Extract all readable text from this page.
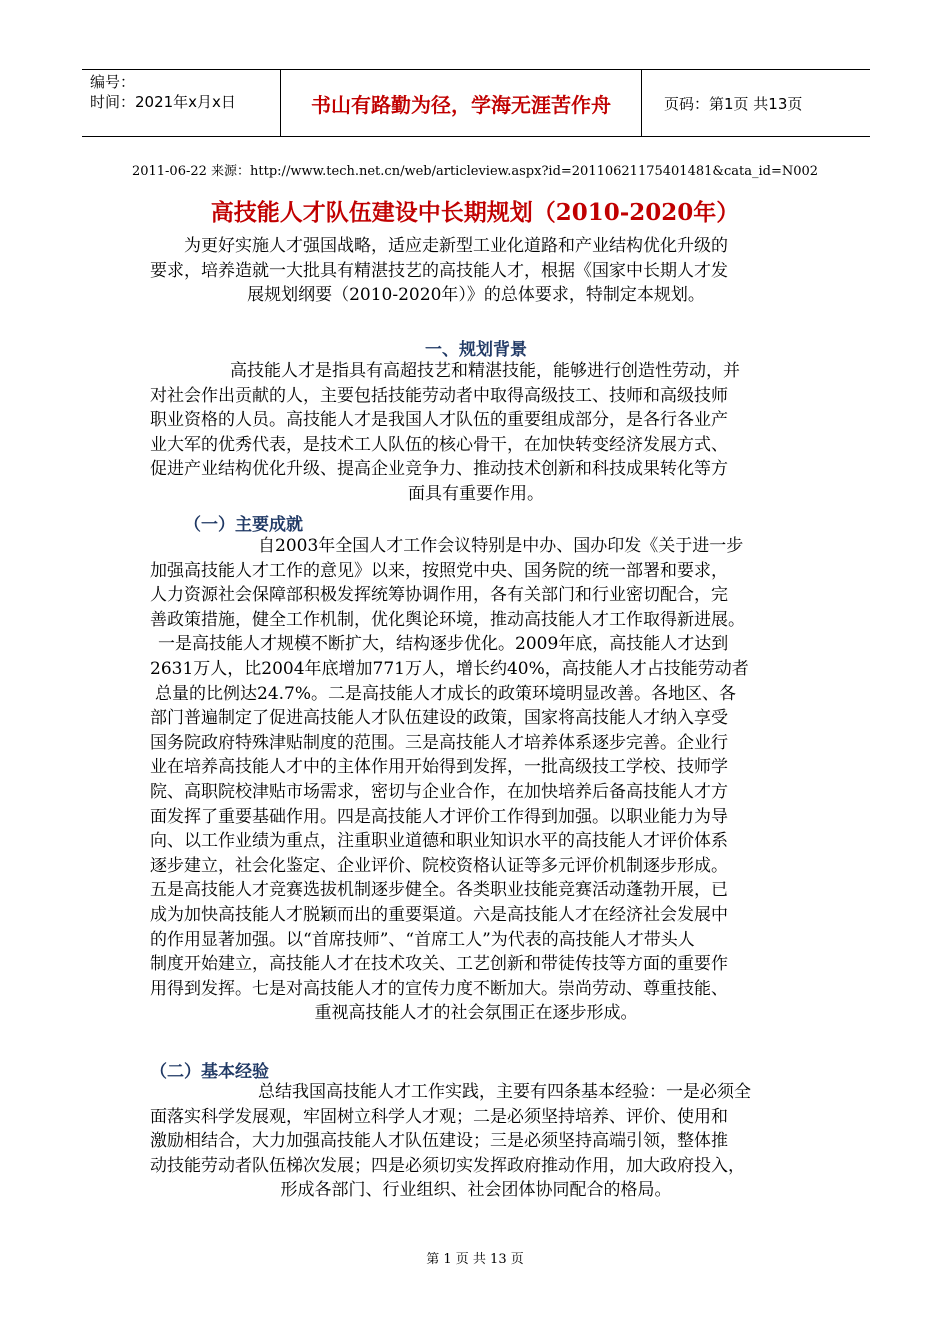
编号：
时间：2021年x月x日	书山有路勤为径，学海无涯苦作舟	页码：第1页 共13页
2011-06-22 来源：http://www.tech.net.cn/web/articleview.aspx?id=20110621175401481&cata_id=N002
高技能人才队伍建设中长期规划（2010-2020年）
为更好实施人才强国战略，适应走新型工业化道路和产业结构优化升级的
要求，培养造就一大批具有精湛技艺的高技能人才，根据《国家中长期人才发
展规划纲要（2010-2020年）》的总体要求，特制定本规划。
一、规划背景
高技能人才是指具有高超技艺和精湛技能，能够进行创造性劳动，并
对社会作出贡献的人，主要包括技能劳动者中取得高级技工、技师和高级技师
职业资格的人员。高技能人才是我国人才队伍的重要组成部分，是各行各业产
业大军的优秀代表，是技术工人队伍的核心骨干，在加快转变经济发展方式、
促进产业结构优化升级、提高企业竞争力、推动技术创新和科技成果转化等方
面具有重要作用。
（一）主要成就
自2003年全国人才工作会议特别是中办、国办印发《关于进一步
加强高技能人才工作的意见》以来，按照党中央、国务院的统一部署和要求，
人力资源社会保障部积极发挥统筹协调作用，各有关部门和行业密切配合，完
善政策措施，健全工作机制，优化舆论环境，推动高技能人才工作取得新进展。
一是高技能人才规模不断扩大，结构逐步优化。2009年底，高技能人才达到
2631万人，比2004年底增加771万人，增长约40%，高技能人才占技能劳动者
总量的比例达24.7%。二是高技能人才成长的政策环境明显改善。各地区、各
部门普遍制定了促进高技能人才队伍建设的政策，国家将高技能人才纳入享受
国务院政府特殊津贴制度的范围。三是高技能人才培养体系逐步完善。企业行
业在培养高技能人才中的主体作用开始得到发挥，一批高级技工学校、技师学
院、高职院校津贴市场需求，密切与企业合作，在加快培养后备高技能人才方
面发挥了重要基础作用。四是高技能人才评价工作得到加强。以职业能力为导
向、以工作业绩为重点，注重职业道德和职业知识水平的高技能人才评价体系
逐步建立，社会化鉴定、企业评价、院校资格认证等多元评价机制逐步形成。
五是高技能人才竞赛选拔机制逐步健全。各类职业技能竞赛活动蓬勃开展，已
成为加快高技能人才脱颖而出的重要渠道。六是高技能人才在经济社会发展中
的作用显著加强。以“首席技师”、“首席工人”为代表的高技能人才带头人
制度开始建立，高技能人才在技术攻关、工艺创新和带徒传技等方面的重要作
用得到发挥。七是对高技能人才的宣传力度不断加大。崇尚劳动、尊重技能、
重视高技能人才的社会氛围正在逐步形成。
（二）基本经验
总结我国高技能人才工作实践，主要有四条基本经验：一是必须全
面落实科学发展观，牢固树立科学人才观；二是必须坚持培养、评价、使用和
激励相结合，大力加强高技能人才队伍建设；三是必须坚持高端引领，整体推
动技能劳动者队伍梯次发展；四是必须切实发挥政府推动作用，加大政府投入，
形成各部门、行业组织、社会团体协同配合的格局。
第 1 页 共 13 页
